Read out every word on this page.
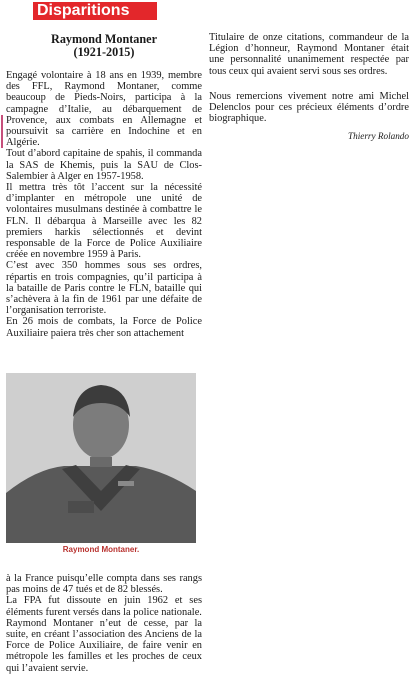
Disparitions
Raymond Montaner
(1921-2015)

Engagé volontaire à 18 ans en 1939, membre des FFL, Raymond Montaner, comme beaucoup de Pieds-Noirs, participa à la campagne d’Italie, au débarquement de Provence, aux combats en Allemagne et poursuivit sa carrière en Indochine et en Algérie.

Tout d’abord capitaine de spahis, il commanda la SAS de Khemis, puis la SAU de Clos-Salembier à Alger en 1957-1958.

Il mettra très tôt l’accent sur la nécessité d’implanter en métropole une unité de volontaires musulmans destinée à combattre le FLN. Il débarqua à Marseille avec les 82 premiers harkis sélectionnés et devint responsable de la Force de Police Auxiliaire créée en novembre 1959 à Paris.

C’est avec 350 hommes sous ses ordres, répartis en trois compagnies, qu’il participa à la bataille de Paris contre le FLN, bataille qui s’achèvera à la fin de 1961 par une défaite de l’organisation terroriste.

En 26 mois de combats, la Force de Police Auxiliaire paiera très cher son attachement

Raymond Montaner.

à la France puisqu’elle compta dans ses rangs pas moins de 47 tués et de 82 blessés.

La FPA fut dissoute en juin 1962 et ses éléments furent versés dans la police nationale.

Raymond Montaner n’eut de cesse, par la suite, en créant l’association des Anciens de la Force de Police Auxiliaire, de faire venir en métropole les familles et les proches de ceux qui l’avaient servie.

Titulaire de onze citations, commandeur de la Légion d’honneur, Raymond Montaner était une personnalité unanimement respectée par tous ceux qui avaient servi sous ses ordres.

Nous remercions vivement notre ami Michel Delenclos pour ces précieux éléments d’ordre biographique.

Thierry Rolando
